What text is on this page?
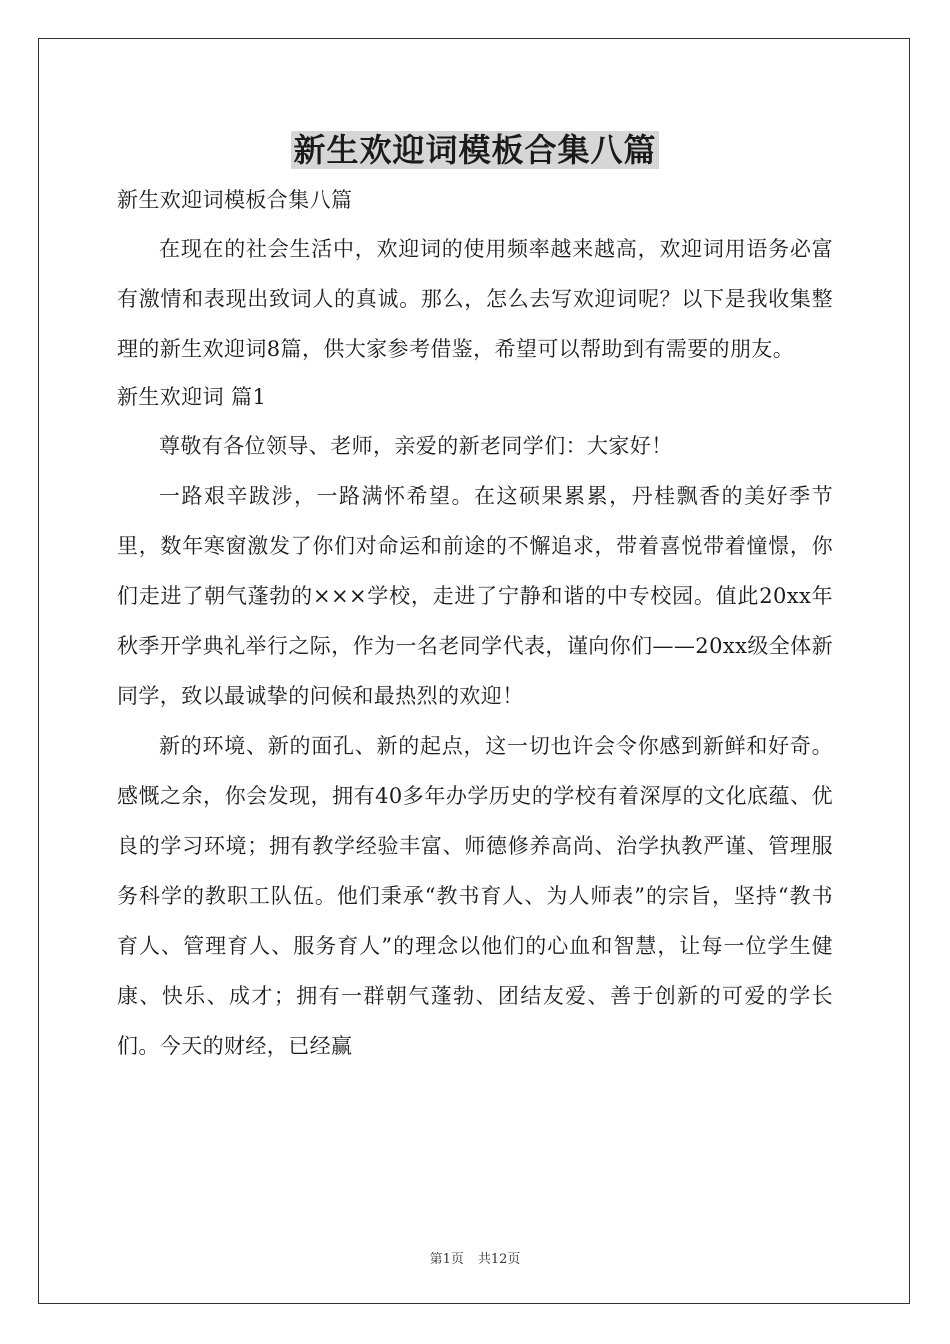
新生欢迎词模板合集八篇

新生欢迎词模板合集八篇

在现在的社会生活中，欢迎词的使用频率越来越高，欢迎词用语务必富有激情和表现出致词人的真诚。那么，怎么去写欢迎词呢？以下是我收集整理的新生欢迎词8篇，供大家参考借鉴，希望可以帮助到有需要的朋友。

新生欢迎词 篇1

尊敬有各位领导、老师，亲爱的新老同学们：大家好！

一路艰辛跋涉，一路满怀希望。在这硕果累累，丹桂飘香的美好季节里，数年寒窗激发了你们对命运和前途的不懈追求，带着喜悦带着憧憬，你们走进了朝气蓬勃的×××学校，走进了宁静和谐的中专校园。值此20xx年秋季开学典礼举行之际，作为一名老同学代表，谨向你们——20xx级全体新同学，致以最诚挚的问候和最热烈的欢迎！

新的环境、新的面孔、新的起点，这一切也许会令你感到新鲜和好奇。感慨之余，你会发现，拥有40多年办学历史的学校有着深厚的文化底蕴、优良的学习环境；拥有教学经验丰富、师德修养高尚、治学执教严谨、管理服务科学的教职工队伍。他们秉承“教书育人、为人师表”的宗旨，坚持“教书育人、管理育人、服务育人”的理念以他们的心血和智慧，让每一位学生健康、快乐、成才；拥有一群朝气蓬勃、团结友爱、善于创新的可爱的学长们。今天的财经，已经赢

第1页 共12页
